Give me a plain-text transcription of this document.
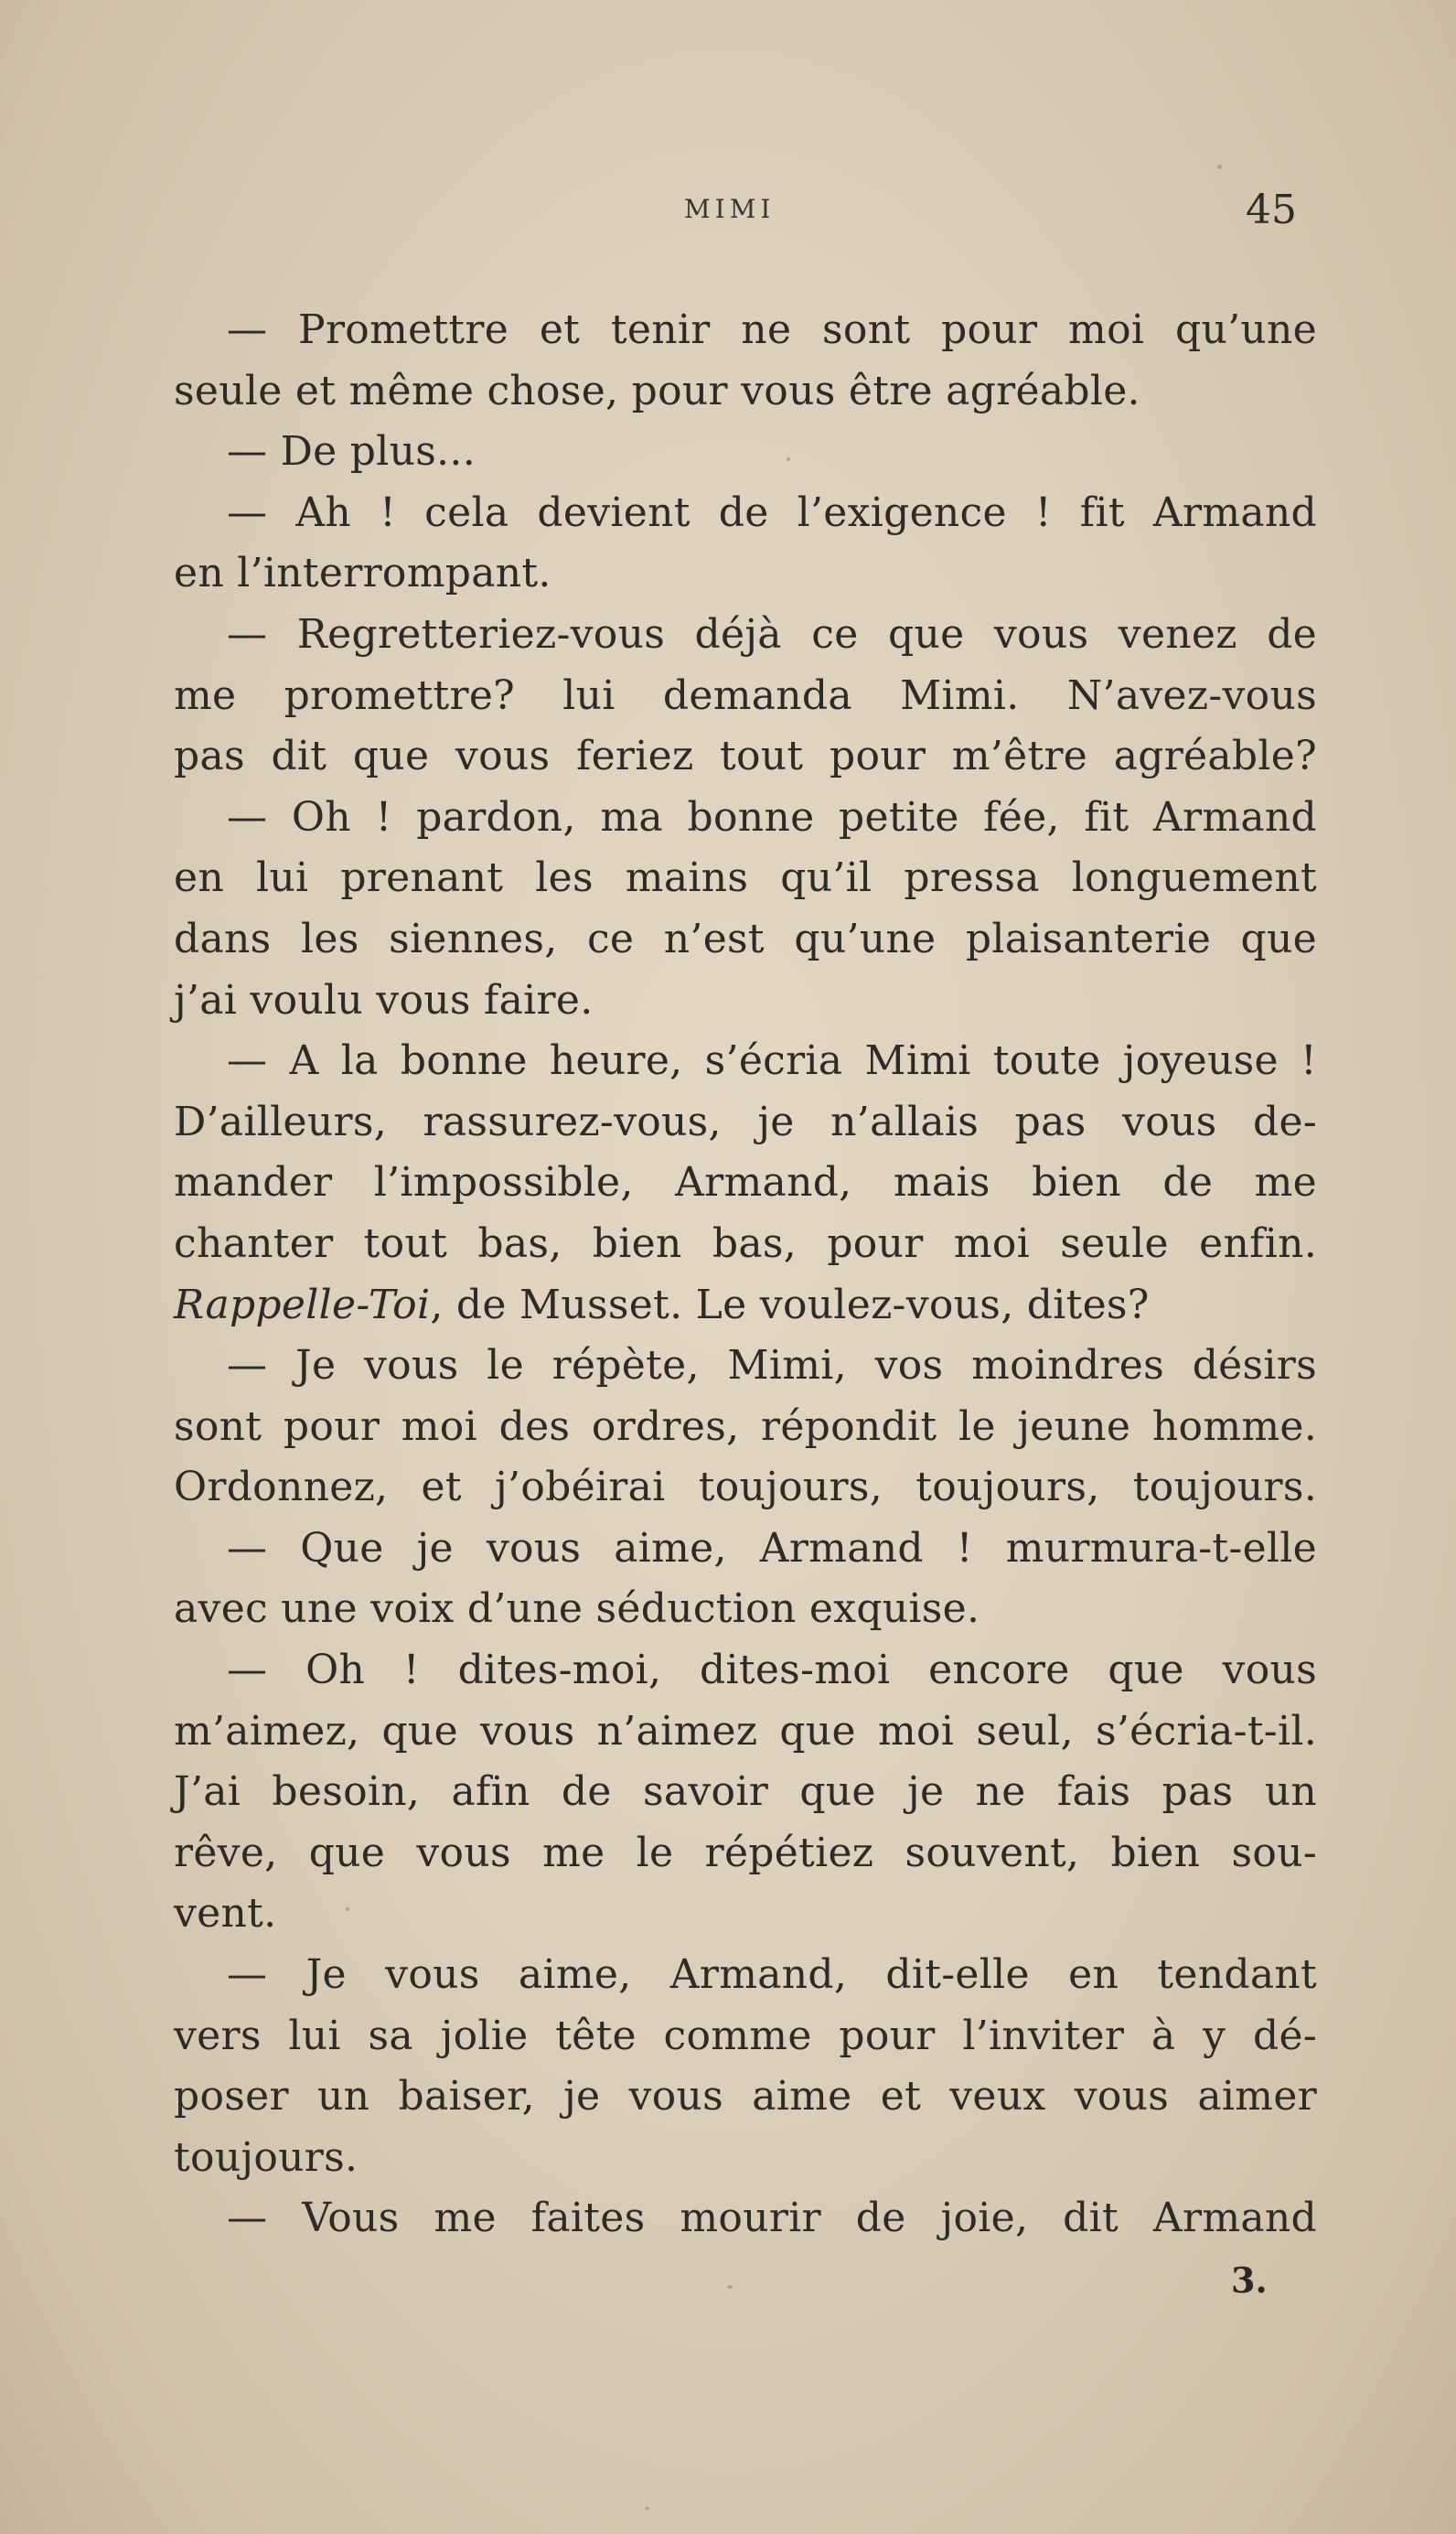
MIMI	45
— Promettre et tenir ne sont pour moi qu’une
seule et même chose, pour vous être agréable.
— De plus...
— Ah ! cela devient de l’exigence ! fit Armand
en l’interrompant.
— Regretteriez-vous déjà ce que vous venez de
me promettre? lui demanda Mimi. N’avez-vous
pas dit que vous feriez tout pour m’être agréable?
— Oh ! pardon, ma bonne petite fée, fit Armand
en lui prenant les mains qu’il pressa longuement
dans les siennes, ce n’est qu’une plaisanterie que
j’ai voulu vous faire.
— A la bonne heure, s’écria Mimi toute joyeuse !
D’ailleurs, rassurez-vous, je n’allais pas vous de-
mander l’impossible, Armand, mais bien de me
chanter tout bas, bien bas, pour moi seule enfin.
Rappelle-Toi, de Musset. Le voulez-vous, dites?
— Je vous le répète, Mimi, vos moindres désirs
sont pour moi des ordres, répondit le jeune homme.
Ordonnez, et j’obéirai toujours, toujours, toujours.
— Que je vous aime, Armand ! murmura-t-elle
avec une voix d’une séduction exquise.
— Oh ! dites-moi, dites-moi encore que vous
m’aimez, que vous n’aimez que moi seul, s’écria-t-il.
J’ai besoin, afin de savoir que je ne fais pas un
rêve, que vous me le répétiez souvent, bien sou-
vent.
— Je vous aime, Armand, dit-elle en tendant
vers lui sa jolie tête comme pour l’inviter à y dé-
poser un baiser, je vous aime et veux vous aimer
toujours.
— Vous me faites mourir de joie, dit Armand
3.
